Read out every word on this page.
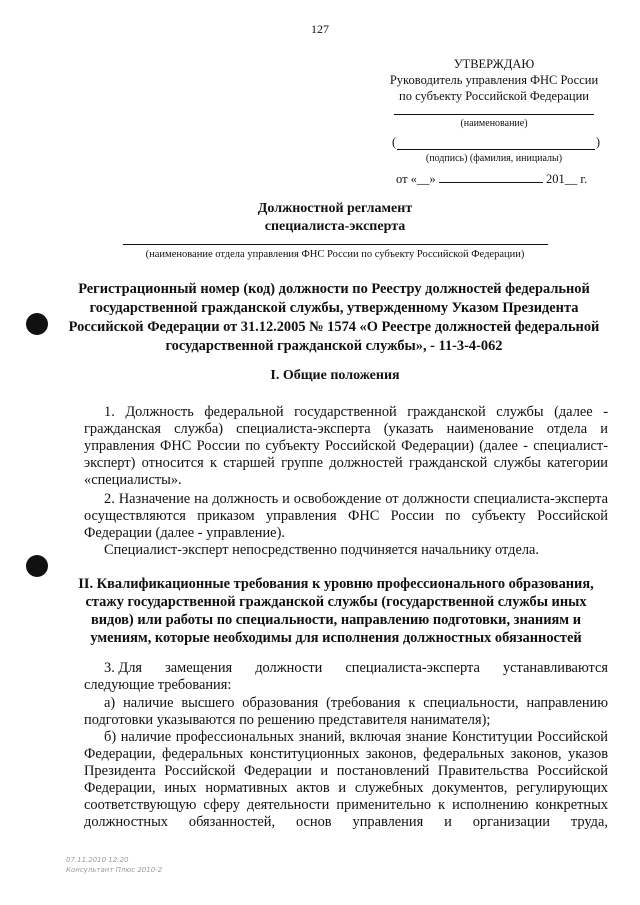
127
УТВЕРЖДАЮ
Руководитель управления ФНС России
по субъекту Российской Федерации
(наименование)
(	)
(подпись) (фамилия, инициалы)
от «__»	201__ г.
Должностной регламент
специалиста-эксперта
(наименование отдела управления ФНС России по субъекту Российской Федерации)
Регистрационный номер (код) должности по Реестру должностей федеральной государственной гражданской службы, утвержденному Указом Президента Российской Федерации от 31.12.2005 № 1574 «О Реестре должностей федеральной государственной гражданской службы», - 11-3-4-062
I. Общие положения
1. Должность федеральной государственной гражданской службы (далее - гражданская служба) специалиста-эксперта (указать наименование отдела и управления ФНС России по субъекту Российской Федерации) (далее - специалист-эксперт) относится к старшей группе должностей гражданской службы категории «специалисты».
2. Назначение на должность и освобождение от должности специалиста-эксперта осуществляются приказом управления ФНС России по субъекту Российской Федерации (далее - управление).
Специалист-эксперт непосредственно подчиняется начальнику отдела.
II. Квалификационные требования к уровню профессионального образования, стажу государственной гражданской службы (государственной службы иных видов) или работы по специальности, направлению подготовки, знаниям и умениям, которые необходимы для исполнения должностных обязанностей
3. Для замещения должности специалиста-эксперта устанавливаются
следующие требования:
а) наличие высшего образования (требования к специальности, направлению подготовки указываются по решению представителя нанимателя);
б) наличие профессиональных знаний, включая знание Конституции Российской Федерации, федеральных конституционных законов, федеральных законов, указов Президента Российской Федерации и постановлений Правительства Российской Федерации, иных нормативных актов и служебных документов, регулирующих соответствующую сферу деятельности применительно к исполнению конкретных должностных обязанностей, основ управления и организации труда,
07.11.2010 12:20
Консультант Плюс 2010-2
